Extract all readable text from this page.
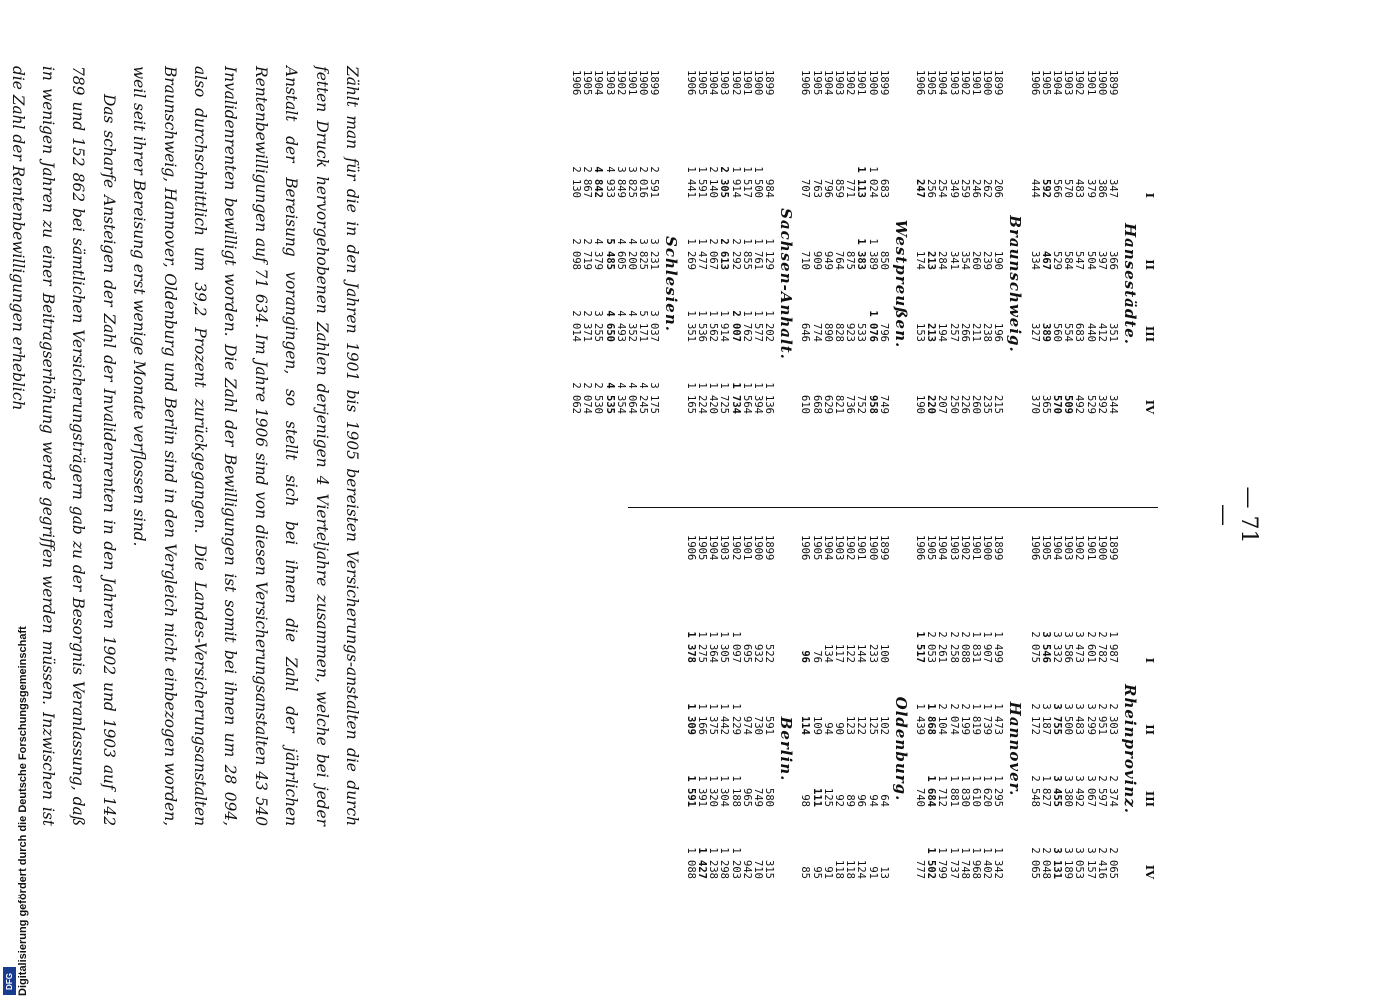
— 71 —
I
II
III
IV
Hansestädte.
1899
347
366
351
344
1900
386
397
412
392
1901
379
504
440
529
1902
483
547
683
492
1903
570
584
554
509
1904
566
529
560
570
1905
592
467
389
365
1906
444
334
327
370
Braunschweig.
1899
206
190
196
215
1900
262
239
238
235
1901
246
260
211
260
1902
259
354
266
226
1903
349
341
257
250
1904
254
284
194
207
1905
256
213
213
220
1906
247
174
153
190
Westpreußen.
1899
683
850
796
749
1900
1 024
1 389
1 076
958
1901
1 113
1 383
533
752
1902
771
875
923
736
1903
859
764
828
821
1904
796
949
890
629
1905
763
909
774
668
1906
707
710
646
610
Sachsen-Anhalt.
1899
984
1 129
1 202
1 136
1900
1 500
1 761
1 577
1 394
1901
1 517
1 855
1 762
1 564
1902
1 914
2 292
2 007
1 734
1903
2 305
2 613
1 914
1 725
1904
2 140
2 067
1 562
1 420
1905
1 591
1 477
1 536
1 224
1906
1 441
1 269
1 351
1 165
Schlesien.
1899
2 591
3 231
3 037
3 175
1900
2 016
3 825
5 171
4 245
1901
3 825
4 200
4 352
4 064
1902
3 849
4 605
4 493
4 354
1903
4 933
5 485
4 650
4 535
1904
4 842
4 379
3 255
2 530
1905
2 867
2 719
2 371
2 074
1906
2 130
2 098
2 014
2 062
I
II
III
IV
Rheinprovinz.
1899
1 987
2 303
2 374
2 065
1900
2 782
2 951
2 597
2 416
1901
2 601
3 299
3 067
3 157
1902
3 473
3 483
3 492
3 053
1903
3 586
3 500
3 380
3 189
1904
3 332
3 755
3 455
3 131
1905
3 546
3 187
1 827
2 048
1906
2 075
2 172
2 548
2 065
Hannover.
1899
1 499
1 473
1 295
1 342
1900
1 907
1 739
1 620
1 402
1901
1 831
1 819
1 610
1 968
1902
2 088
2 199
1 830
1 748
1903
2 258
2 074
1 881
1 737
1904
2 261
2 104
1 712
1 799
1905
2 053
1 868
1 684
1 502
1906
1 517
1 439
740
777
Oldenburg.
1899
100
102
64
13
1900
233
125
94
91
1901
144
122
96
124
1902
122
123
89
118
1903
117
90
92
118
1904
134
94
125
91
1905
76
109
111
95
1906
96
114
98
85
Berlin.
1899
522
591
580
315
1900
932
730
749
710
1901
695
974
965
942
1902
1 097
1 229
1 188
1 203
1903
1 305
1 442
1 304
1 298
1904
1 364
1 375
1 320
1 238
1905
1 275
1 166
1 391
1 427
1906
1 378
1 309
1 591
1 088

Zählt man für die in den Jahren 1901 bis 1905 bereisten Versicherungs-anstalten die durch fetten Druck hervorgehobenen Zahlen derjenigen 4 Vierteljahre zusammen, welche bei jeder Anstalt der Bereisung vorangingen, so stellt sich bei ihnen die Zahl der jährlichen Rentenbewilligungen auf 71 634. Im Jahre 1906 sind von diesen Versicherungsanstalten 43 540 Invalidenrenten bewilligt worden. Die Zahl der Bewilligungen ist somit bei ihnen um 28 094, also durchschnittlich um 39,2 Prozent zurückgegangen. Die Landes-Versicherungsanstalten Braunschweig, Hannover, Oldenburg und Berlin sind in den Vergleich nicht einbezogen worden, weil seit ihrer Bereisung erst wenige Monate verflossen sind.

Das scharfe Ansteigen der Zahl der Invalidenrenten in den Jahren 1902 und 1903 auf 142 789 und 152 862 bei sämtlichen Versicherungsträgern gab zu der Besorgnis Veranlassung, daß in wenigen Jahren zu einer Beitragserhöhung werde gegriffen werden müssen. Inzwischen ist die Zahl der Rentenbewilligungen erheblich

Digitalisierung gefördert durch die Deutsche Forschungsgemeinschaft
DFG
